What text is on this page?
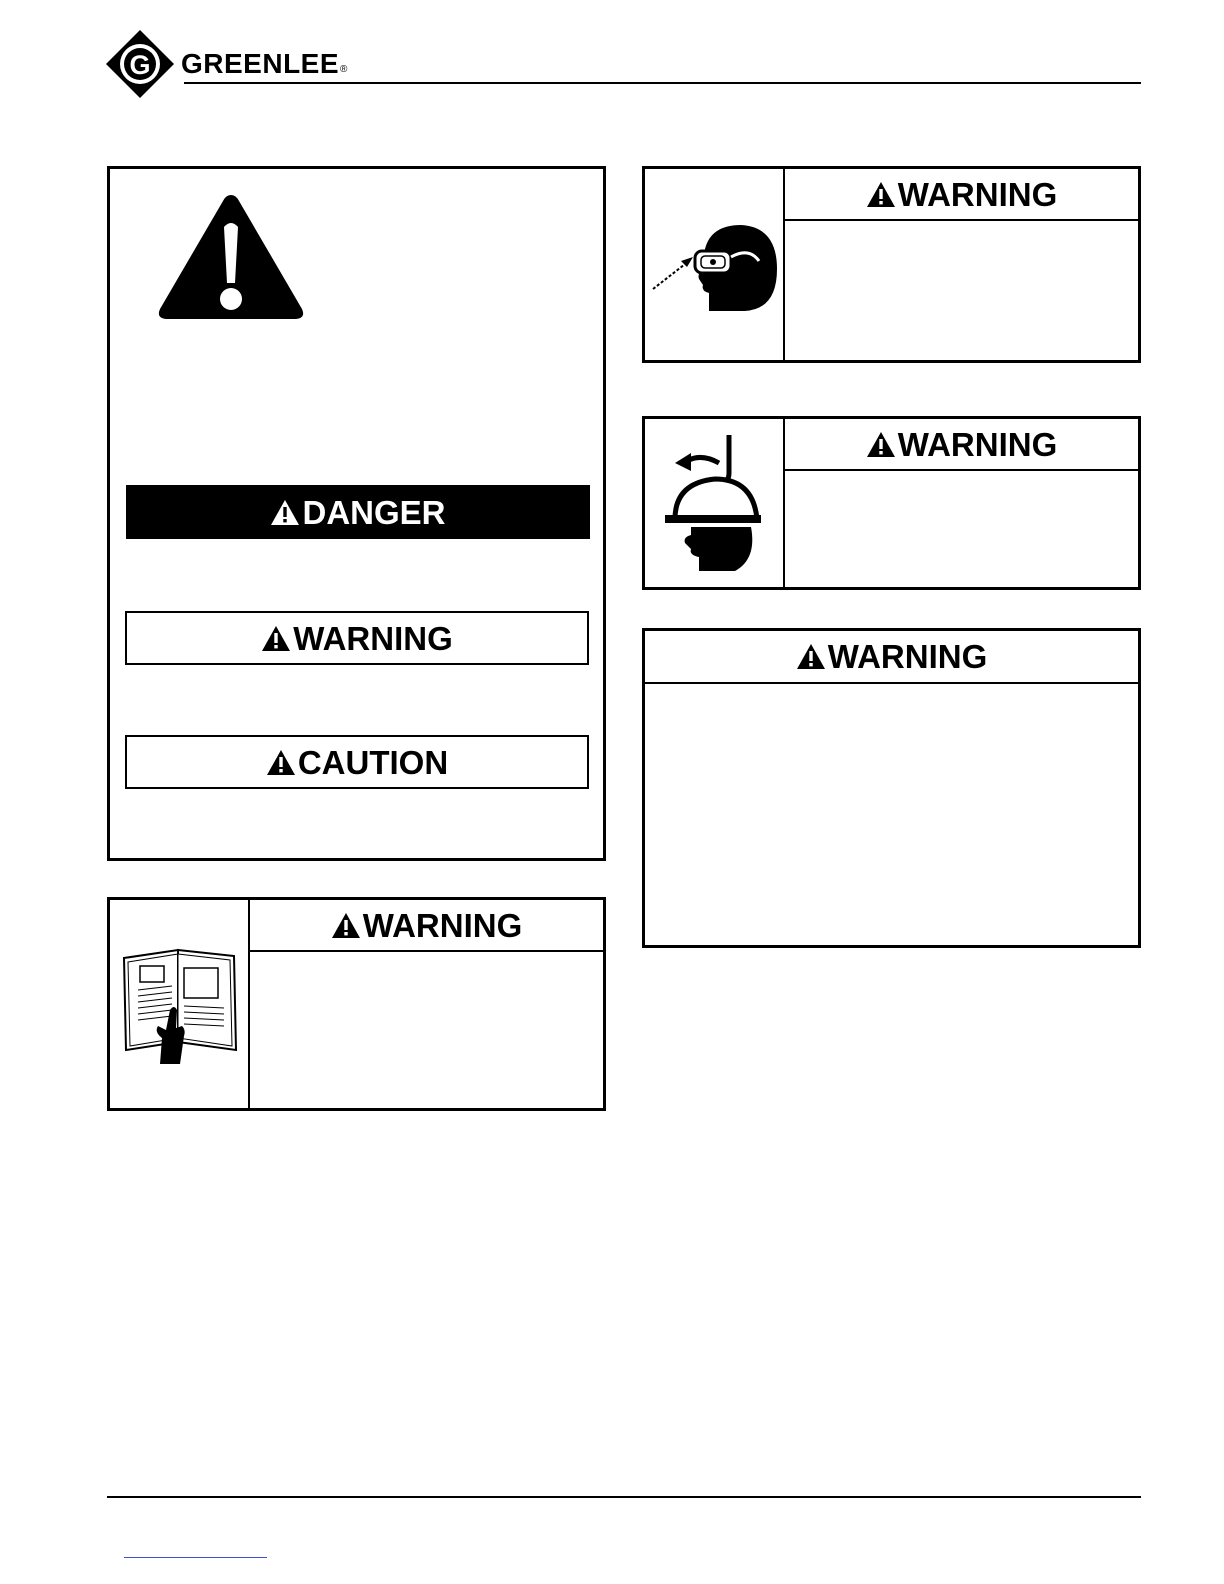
G GREENLEE ®
DANGER
WARNING
CAUTION
WARNING
WARNING
WARNING
WARNING
